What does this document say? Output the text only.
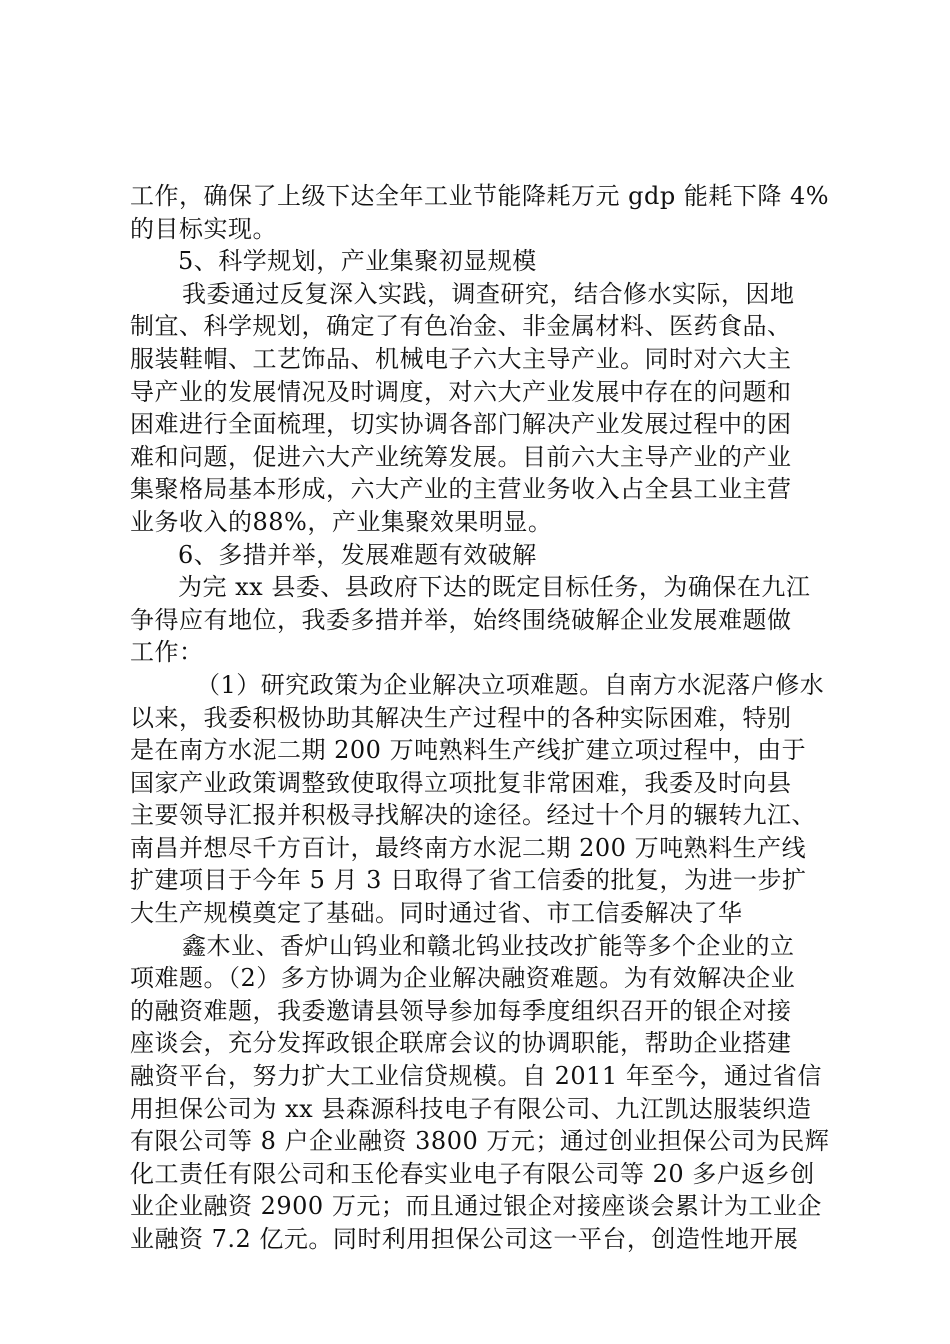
工作，确保了上级下达全年工业节能降耗万元 gdp 能耗下降 4%
的目标实现。
5、科学规划，产业集聚初显规模
我委通过反复深入实践，调查研究，结合修水实际，因地
制宜、科学规划，确定了有色冶金、非金属材料、医药食品、
服装鞋帽、工艺饰品、机械电子六大主导产业。同时对六大主
导产业的发展情况及时调度，对六大产业发展中存在的问题和
困难进行全面梳理，切实协调各部门解决产业发展过程中的困
难和问题，促进六大产业统筹发展。目前六大主导产业的产业
集聚格局基本形成，六大产业的主营业务收入占全县工业主营
业务收入的88%，产业集聚效果明显。
6、多措并举，发展难题有效破解
为完 xx 县委、县政府下达的既定目标任务，为确保在九江
争得应有地位，我委多措并举，始终围绕破解企业发展难题做
工作：
（1）研究政策为企业解决立项难题。自南方水泥落户修水
以来，我委积极协助其解决生产过程中的各种实际困难，特别
是在南方水泥二期 200 万吨熟料生产线扩建立项过程中，由于
国家产业政策调整致使取得立项批复非常困难，我委及时向县
主要领导汇报并积极寻找解决的途径。经过十个月的辗转九江、
南昌并想尽千方百计，最终南方水泥二期 200 万吨熟料生产线
扩建项目于今年 5 月 3 日取得了省工信委的批复，为进一步扩
大生产规模奠定了基础。同时通过省、市工信委解决了华
鑫木业、香炉山钨业和赣北钨业技改扩能等多个企业的立
项难题。（2）多方协调为企业解决融资难题。为有效解决企业
的融资难题，我委邀请县领导参加每季度组织召开的银企对接
座谈会，充分发挥政银企联席会议的协调职能，帮助企业搭建
融资平台，努力扩大工业信贷规模。自 2011 年至今，通过省信
用担保公司为 xx 县森源科技电子有限公司、九江凯达服装织造
有限公司等 8 户企业融资 3800 万元；通过创业担保公司为民辉
化工责任有限公司和玉伦春实业电子有限公司等 20 多户返乡创
业企业融资 2900 万元；而且通过银企对接座谈会累计为工业企
业融资 7.2 亿元。同时利用担保公司这一平台，创造性地开展
